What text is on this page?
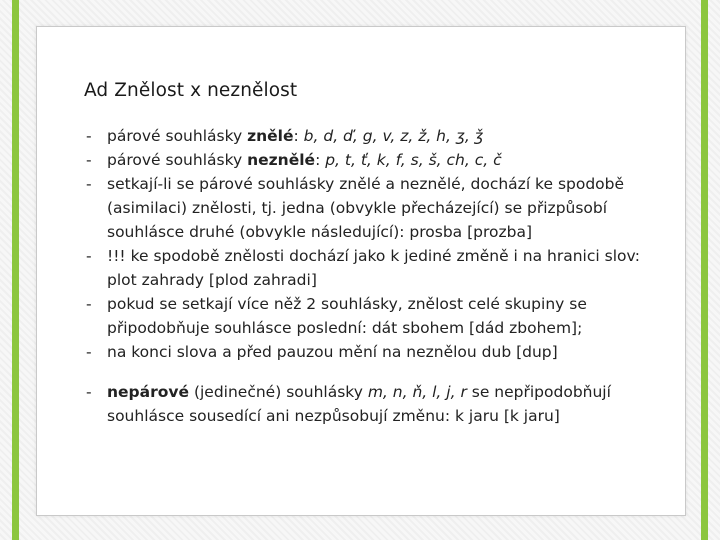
Ad Znělost x neznělost
- párové souhlásky znělé: b, d, ď, g, v, z, ž, h, ʒ, ǯ
- párové souhlásky neznělé: p, t, ť, k, f, s, š, ch, c, č
- setkají-li se párové souhlásky znělé a neznělé, dochází ke spodobě (asimilaci) znělosti, tj. jedna (obvykle přecházející) se přizpůsobí souhlásce druhé (obvykle následující): prosba [prozba]
- !!! ke spodobě znělosti dochází jako k jediné změně i na hranici slov: plot zahrady [plod zahradi]
- pokud se setkají více něž 2 souhlásky, znělost celé skupiny se připodobňuje souhlásce poslední: dát sbohem [dád zbohem];
- na konci slova a před pauzou mění na neznělou dub [dup]
- nepárové (jedinečné) souhlásky m, n, ň, l, j, r se nepřipodobňují souhlásce sousedící ani nezpůsobují změnu: k jaru [k jaru]
